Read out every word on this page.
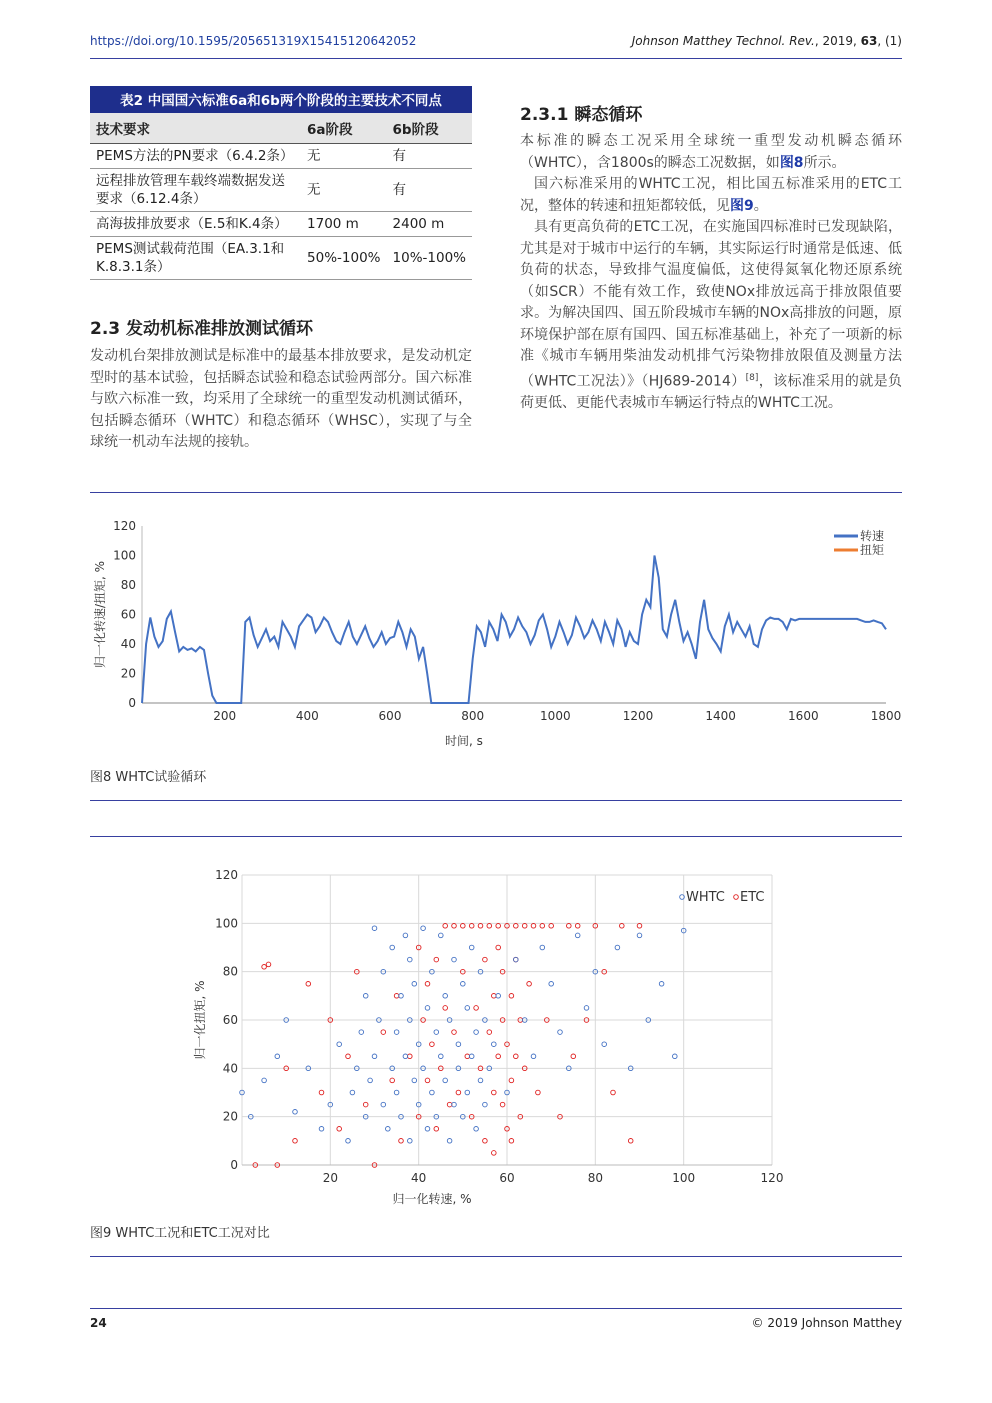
https://doi.org/10.1595/205651319X15415120642052	Johnson Matthey Technol. Rev., 2019, 63, (1)
表2 中国国六标准6a和6b两个阶段的主要技术不同点
技术要求	6a阶段	6b阶段
PEMS方法的PN要求（6.4.2条）	无	有
远程排放管理车载终端数据发送要求（6.12.4条）	无	有
高海拔排放要求（E.5和K.4条）	1700 m	2400 m
PEMS测试载荷范围（EA.3.1和K.8.3.1条）	50%-100%	10%-100%
2.3 发动机标准排放测试循环

发动机台架排放测试是标准中的最基本排放要求，是发动机定型时的基本试验，包括瞬态试验和稳态试验两部分。国六标准与欧六标准一致，均采用了全球统一的重型发动机测试循环，包括瞬态循环（WHTC）和稳态循环（WHSC），实现了与全球统一机动车法规的接轨。

2.3.1 瞬态循环

本标准的瞬态工况采用全球统一重型发动机瞬态循环（WHTC），含1800s的瞬态工况数据，如图8所示。

国六标准采用的WHTC工况，相比国五标准采用的ETC工况，整体的转速和扭矩都较低，见图9。

具有更高负荷的ETC工况，在实施国四标准时已发现缺陷，尤其是对于城市中运行的车辆，其实际运行时通常是低速、低负荷的状态，导致排气温度偏低，这使得氮氧化物还原系统（如SCR）不能有效工作，致使NOx排放远高于排放限值要求。为解决国四、国五阶段城市车辆的NOx高排放的问题，原环境保护部在原有国四、国五标准基础上，补充了一项新的标准《城市车辆用柴油发动机排气污染物排放限值及测量方法（WHTC工况法）》（HJ689-2014）[8]，该标准采用的就是负荷更低、更能代表城市车辆运行特点的WHTC工况。

0
20
40
60
80
100
120
200	400	600	800	1000	1200	1400	1600	1800
转速
扭矩
归一化转速/扭矩, %
时间, s
图8 WHTC试验循环
0
20
40
60
80
100
120
20	40	60	80	100	120
WHTC ETC
归一化扭矩, %
归一化转速, %
图9 WHTC工况和ETC工况对比
24	© 2019 Johnson Matthey
